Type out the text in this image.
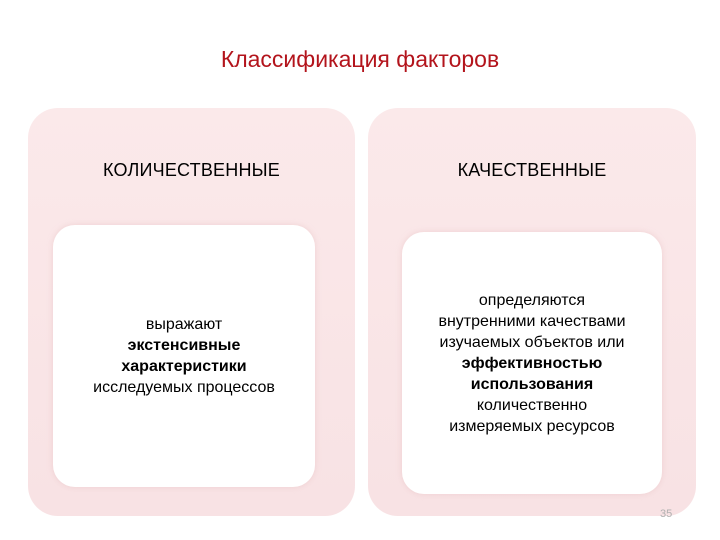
Классификация факторов
КОЛИЧЕСТВЕННЫЕ
выражают
экстенсивные
характеристики
исследуемых процессов
КАЧЕСТВЕННЫЕ
определяются
внутренними качествами
изучаемых объектов или
эффективностью
использования
количественно
измеряемых ресурсов
35
